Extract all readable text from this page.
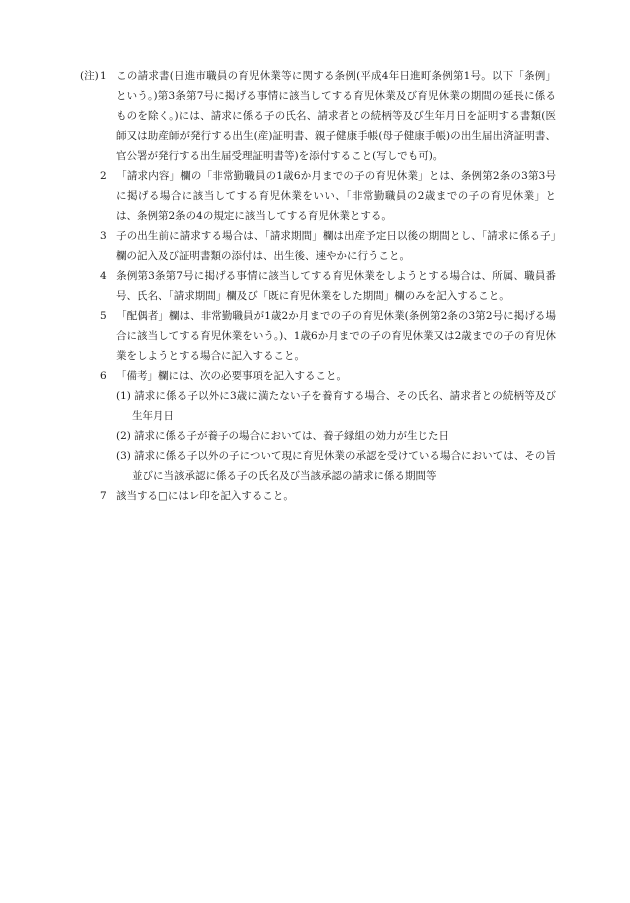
(注) 1 この請求書(日進市職員の育児休業等に関する条例(平成4年日進町条例第1号。以下「条例」という。)第3条第7号に掲げる事情に該当してする育児休業及び育児休業の期間の延長に係るものを除く。)には、請求に係る子の氏名、請求者との続柄等及び生年月日を証明する書類(医師又は助産師が発行する出生(産)証明書、親子健康手帳(母子健康手帳)の出生届出済証明書、官公署が発行する出生届受理証明書等)を添付すること(写しでも可)。
2 「請求内容」欄の「非常勤職員の1歳6か月までの子の育児休業」とは、条例第2条の3第3号に掲げる場合に該当してする育児休業をいい、「非常勤職員の2歳までの子の育児休業」とは、条例第2条の4の規定に該当してする育児休業とする。
3 子の出生前に請求する場合は、「請求期間」欄は出産予定日以後の期間とし、「請求に係る子」欄の記入及び証明書類の添付は、出生後、速やかに行うこと。
4 条例第3条第7号に掲げる事情に該当してする育児休業をしようとする場合は、所属、職員番号、氏名、「請求期間」欄及び「既に育児休業をした期間」欄のみを記入すること。
5 「配偶者」欄は、非常勤職員が1歳2か月までの子の育児休業(条例第2条の3第2号に掲げる場合に該当してする育児休業をいう。)、1歳6か月までの子の育児休業又は2歳までの子の育児休業をしようとする場合に記入すること。
6 「備考」欄には、次の必要事項を記入すること。
(1) 請求に係る子以外に3歳に満たない子を養育する場合、その氏名、請求者との続柄等及び生年月日
(2) 請求に係る子が養子の場合においては、養子縁組の効力が生じた日
(3) 請求に係る子以外の子について現に育児休業の承認を受けている場合においては、その旨並びに当該承認に係る子の氏名及び当該承認の請求に係る期間等
7 該当する□にはレ印を記入すること。
